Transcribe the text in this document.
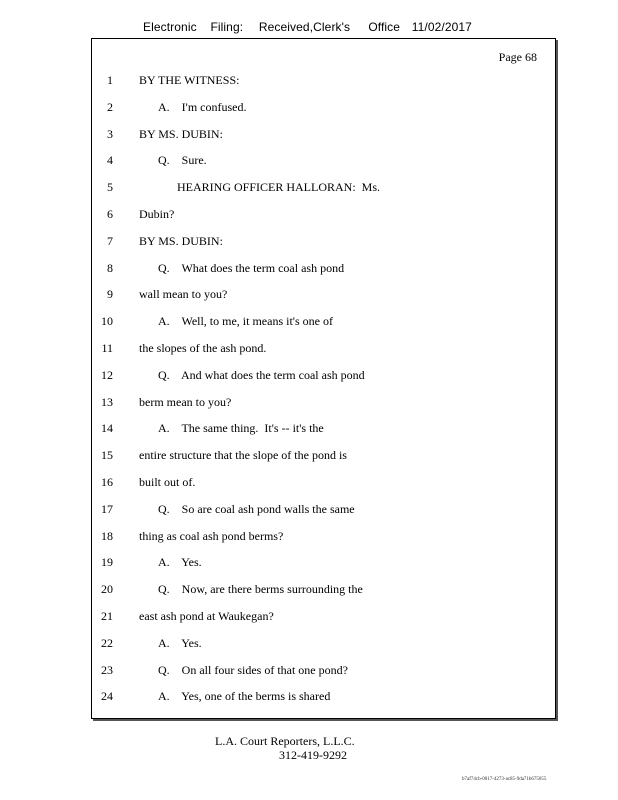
Electronic Filing: Received,Clerk's Office 11/02/2017
Page 68
1 BY THE WITNESS:
2	A.    I'm confused.
3 BY MS. DUBIN:
4	Q.    Sure.
5	HEARING OFFICER HALLORAN:  Ms.
6 Dubin?
7 BY MS. DUBIN:
8	Q.    What does the term coal ash pond
9 wall mean to you?
10	A.    Well, to me, it means it's one of
11 the slopes of the ash pond.
12	Q.    And what does the term coal ash pond
13 berm mean to you?
14	A.    The same thing.  It's -- it's the
15 entire structure that the slope of the pond is
16 built out of.
17	Q.    So are coal ash pond walls the same
18 thing as coal ash pond berms?
19	A.    Yes.
20	Q.    Now, are there berms surrounding the
21 east ash pond at Waukegan?
22	A.    Yes.
23	Q.    On all four sides of that one pond?
24	A.    Yes, one of the berms is shared
L.A. Court Reporters, L.L.C.
312-419-9292
b7af74cb-0017-4273-ac85-9da71b675055
